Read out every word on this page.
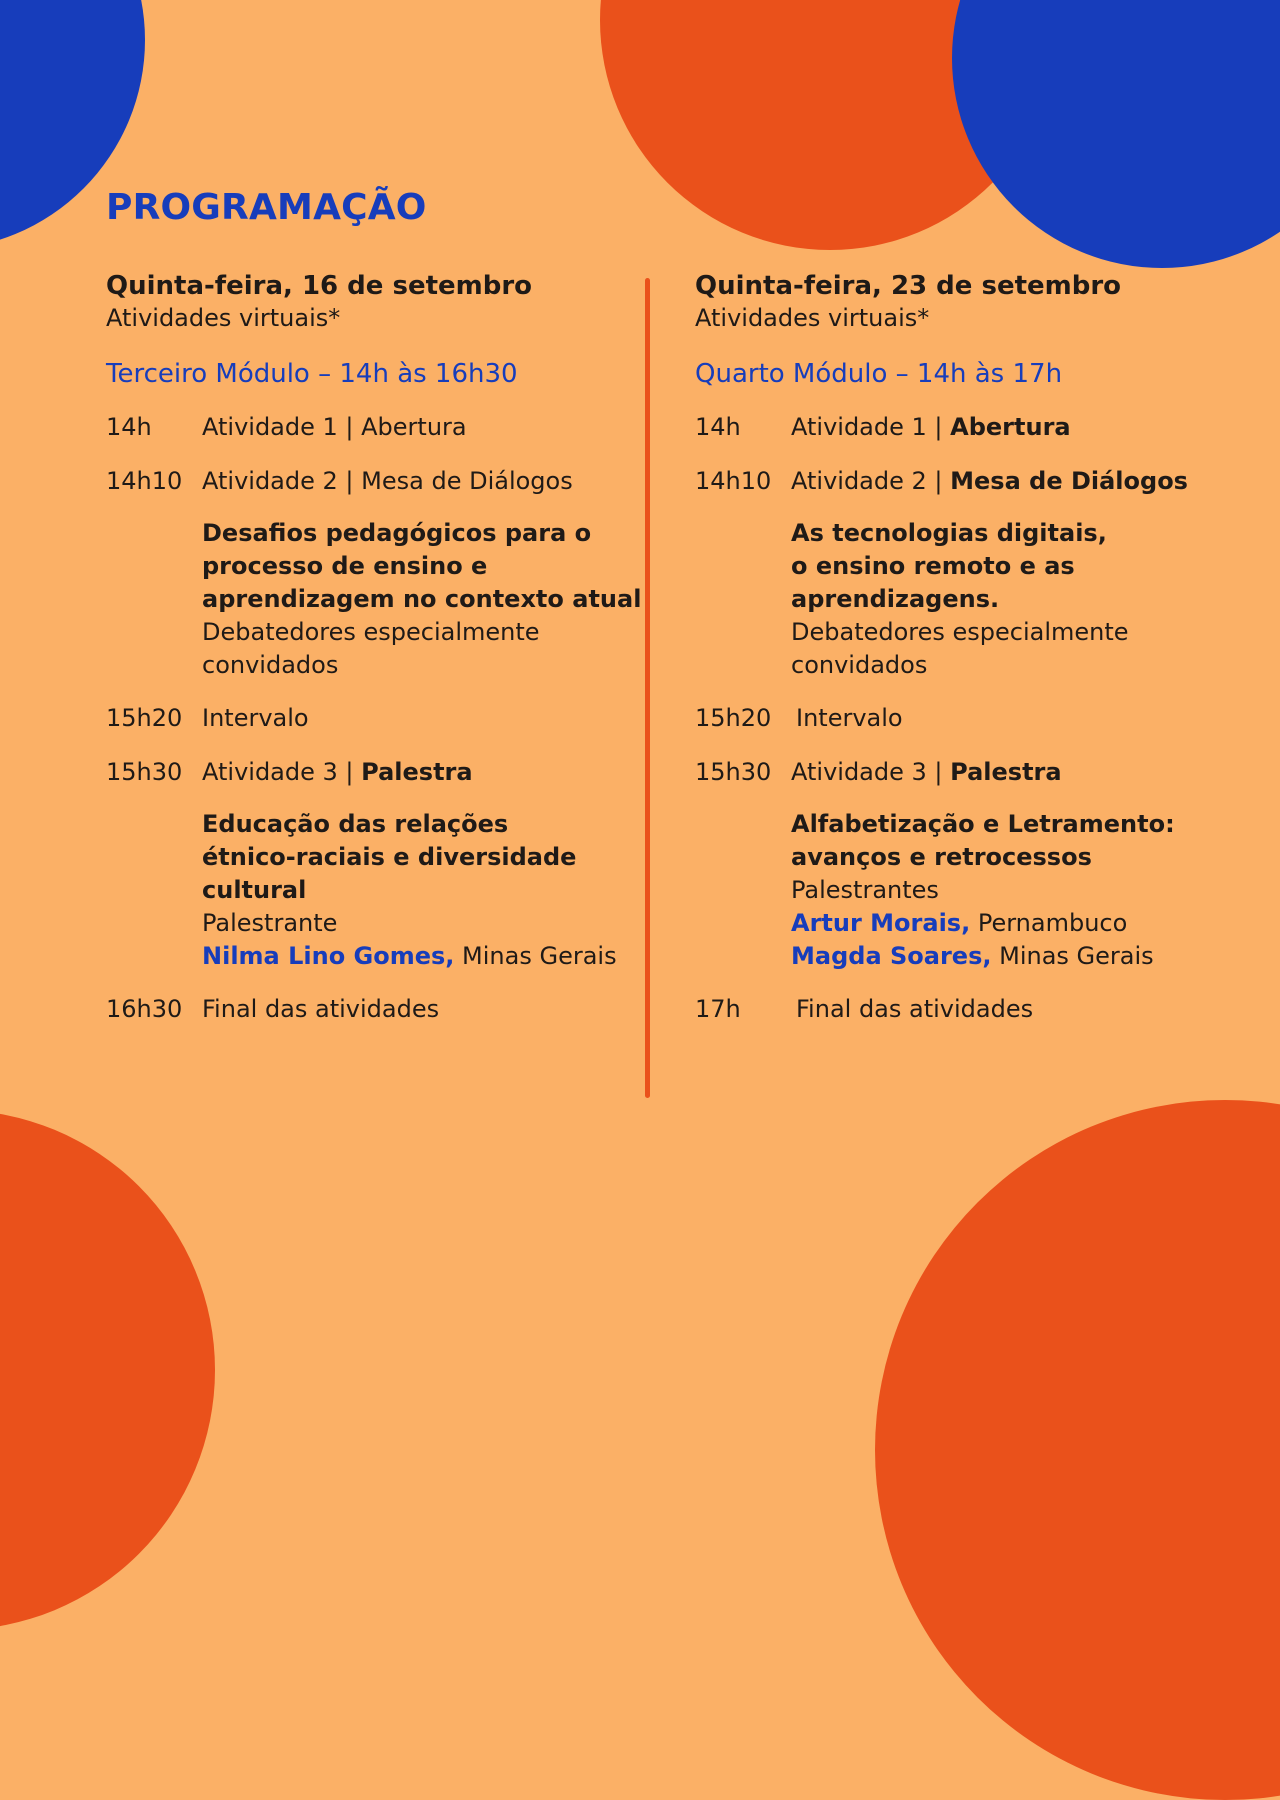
PROGRAMAÇÃO
Quinta-feira, 16 de setembro
Atividades virtuais*
Terceiro Módulo – 14h às 16h30
14h	Atividade 1 | Abertura
14h10 Atividade 2 | Mesa de Diálogos
Desafios pedagógicos para o
processo de ensino e
aprendizagem no contexto atual
Debatedores especialmente
convidados
15h20 Intervalo
15h30 Atividade 3 | Palestra
Educação das relações
étnico-raciais e diversidade
cultural
Palestrante
Nilma Lino Gomes, Minas Gerais
16h30 Final das atividades
Quinta-feira, 23 de setembro
Atividades virtuais*
Quarto Módulo – 14h às 17h
14h	Atividade 1 | Abertura
14h10 Atividade 2 | Mesa de Diálogos
As tecnologias digitais,
o ensino remoto e as
aprendizagens.
Debatedores especialmente
convidados
15h20	Intervalo
15h30 Atividade 3 | Palestra
Alfabetização e Letramento:
avanços e retrocessos
Palestrantes
Artur Morais, Pernambuco
Magda Soares, Minas Gerais
17h	Final das atividades
